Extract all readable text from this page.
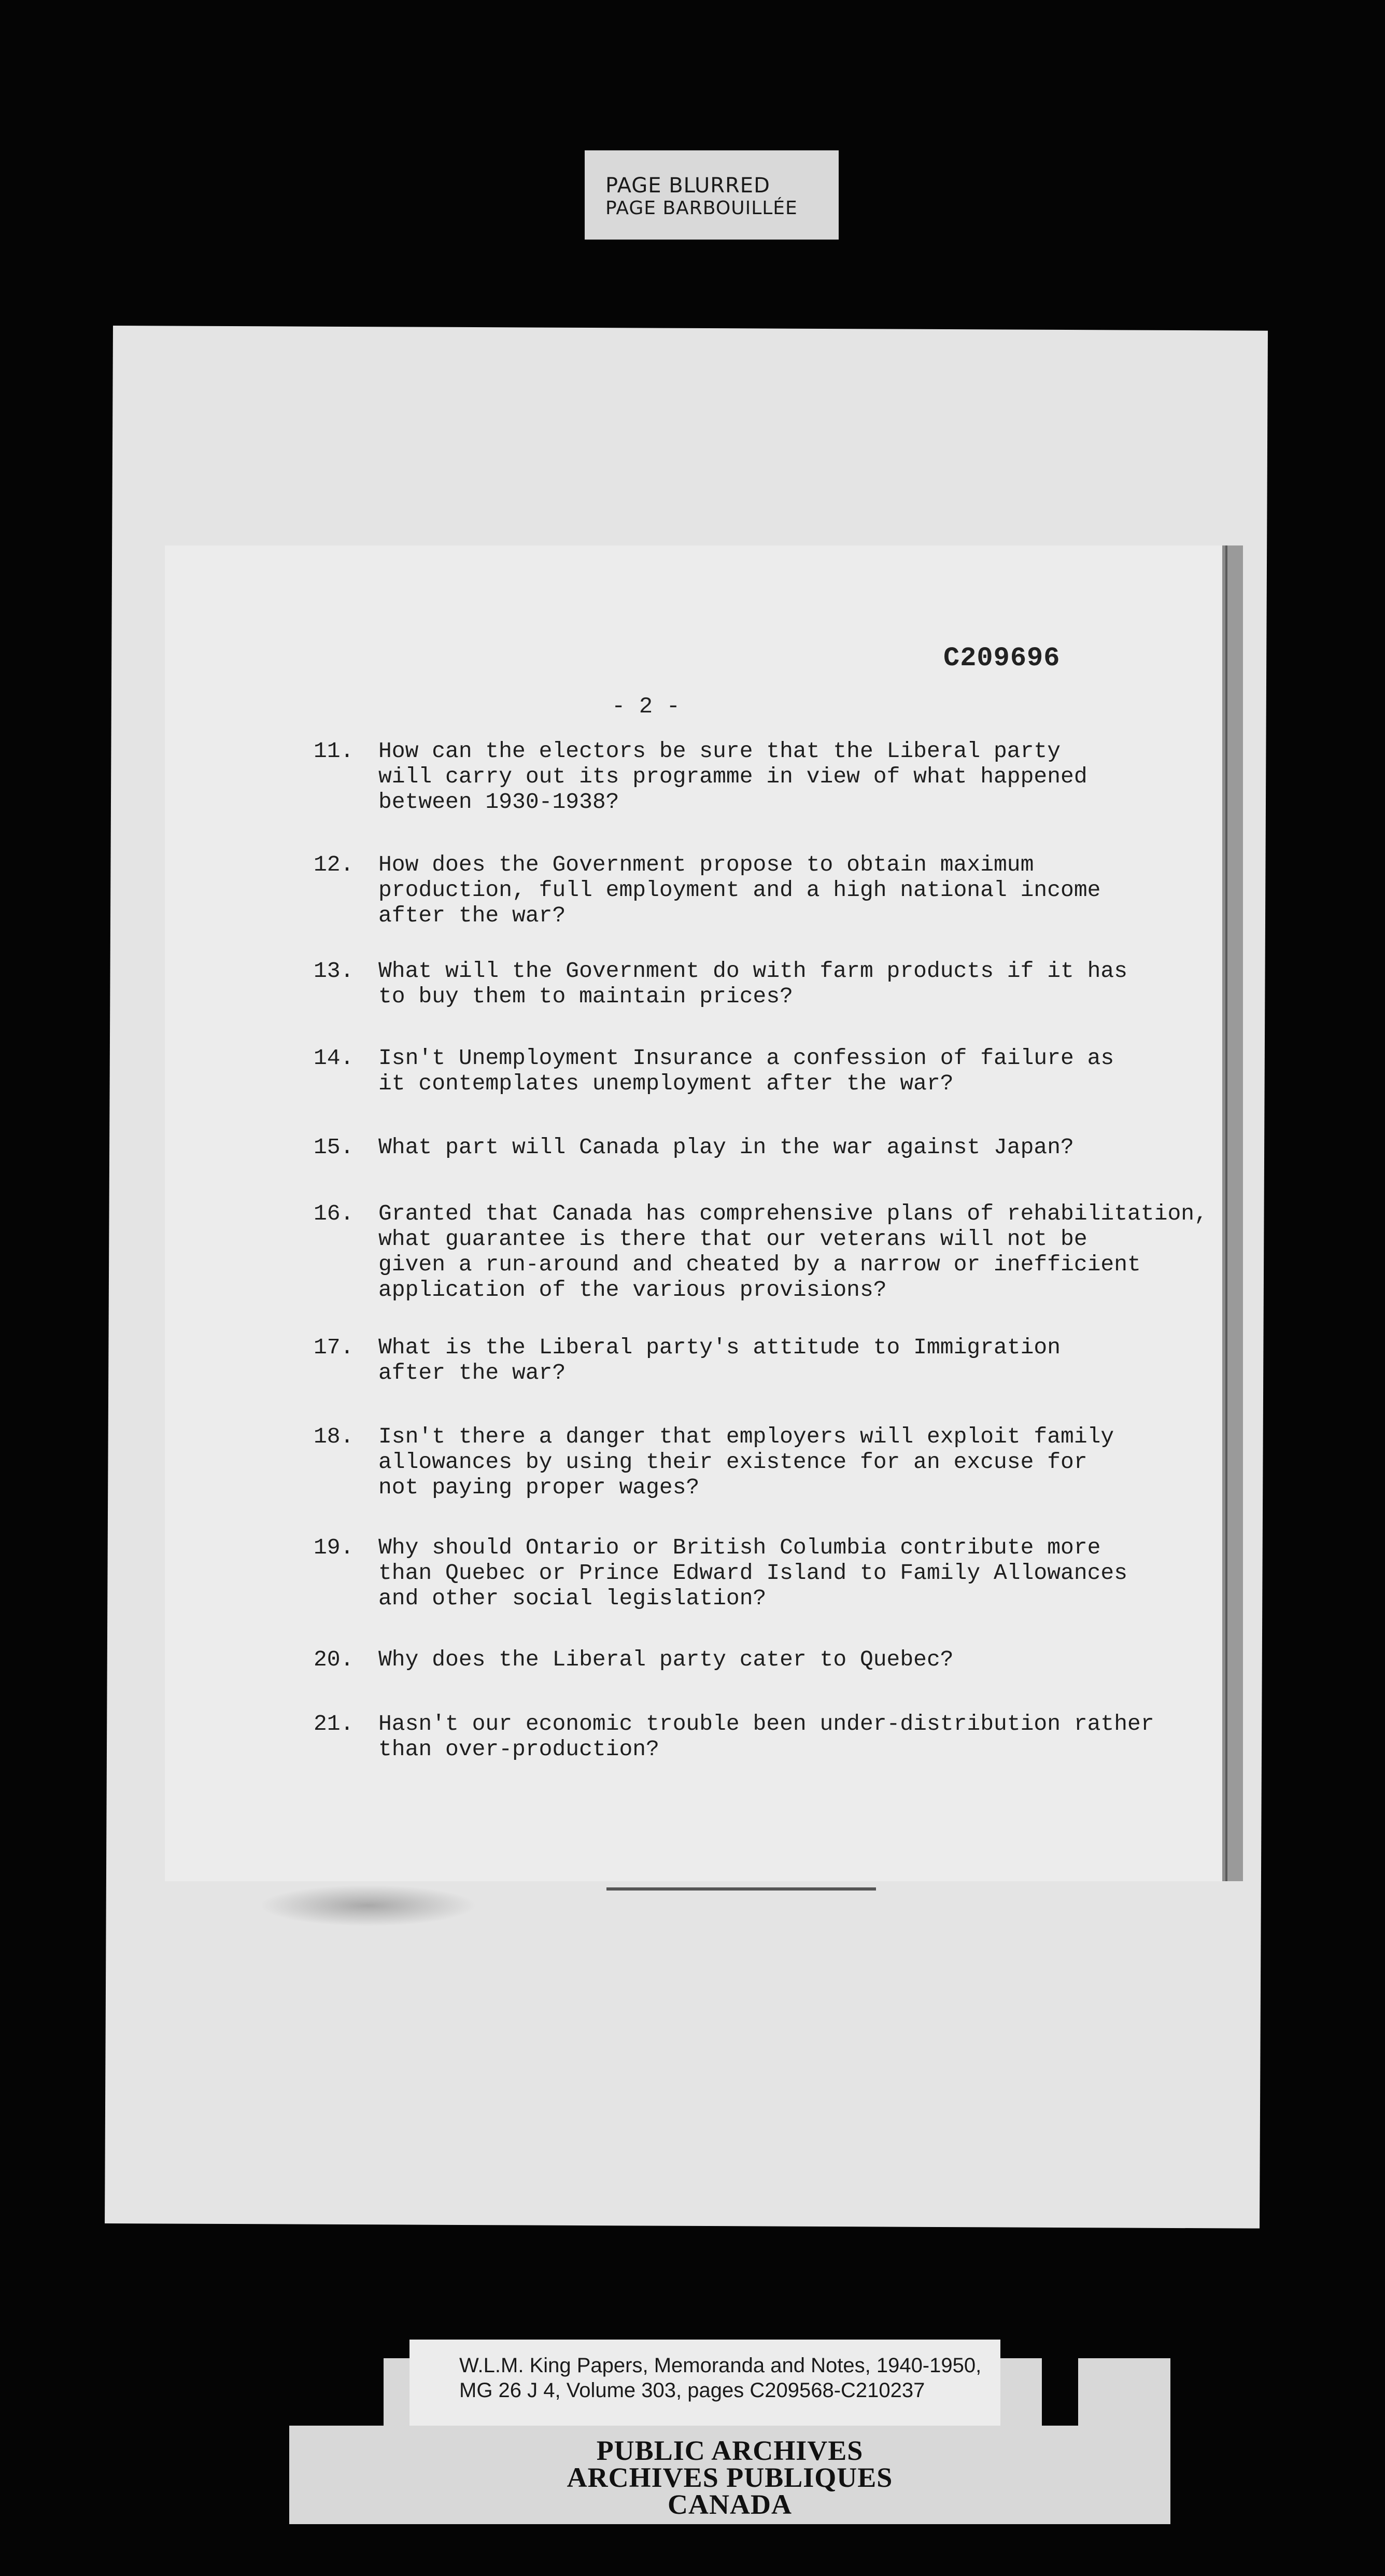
PAGE BLURRED
PAGE BARBOUILLÉE
C209696
- 2 -
11.	How can the electors be sure that the Liberal party
will carry out its programme in view of what happened
between 1930-1938?
12.	How does the Government propose to obtain maximum
production, full employment and a high national income
after the war?
13.	What will the Government do with farm products if it has
to buy them to maintain prices?
14.	Isn't Unemployment Insurance a confession of failure as
it contemplates unemployment after the war?
15.	What part will Canada play in the war against Japan?
16.	Granted that Canada has comprehensive plans of rehabilitation,
what guarantee is there that our veterans will not be
given a run-around and cheated by a narrow or inefficient
application of the various provisions?
17.	What is the Liberal party's attitude to Immigration
after the war?
18.	Isn't there a danger that employers will exploit family
allowances by using their existence for an excuse for
not paying proper wages?
19.	Why should Ontario or British Columbia contribute more
than Quebec or Prince Edward Island to Family Allowances
and other social legislation?
20.	Why does the Liberal party cater to Quebec?
21.	Hasn't our economic trouble been under-distribution rather
than over-production?
W.L.M. King Papers, Memoranda and Notes, 1940-1950,
MG 26 J 4, Volume 303, pages C209568-C210237
PUBLIC ARCHIVES
ARCHIVES PUBLIQUES
CANADA
